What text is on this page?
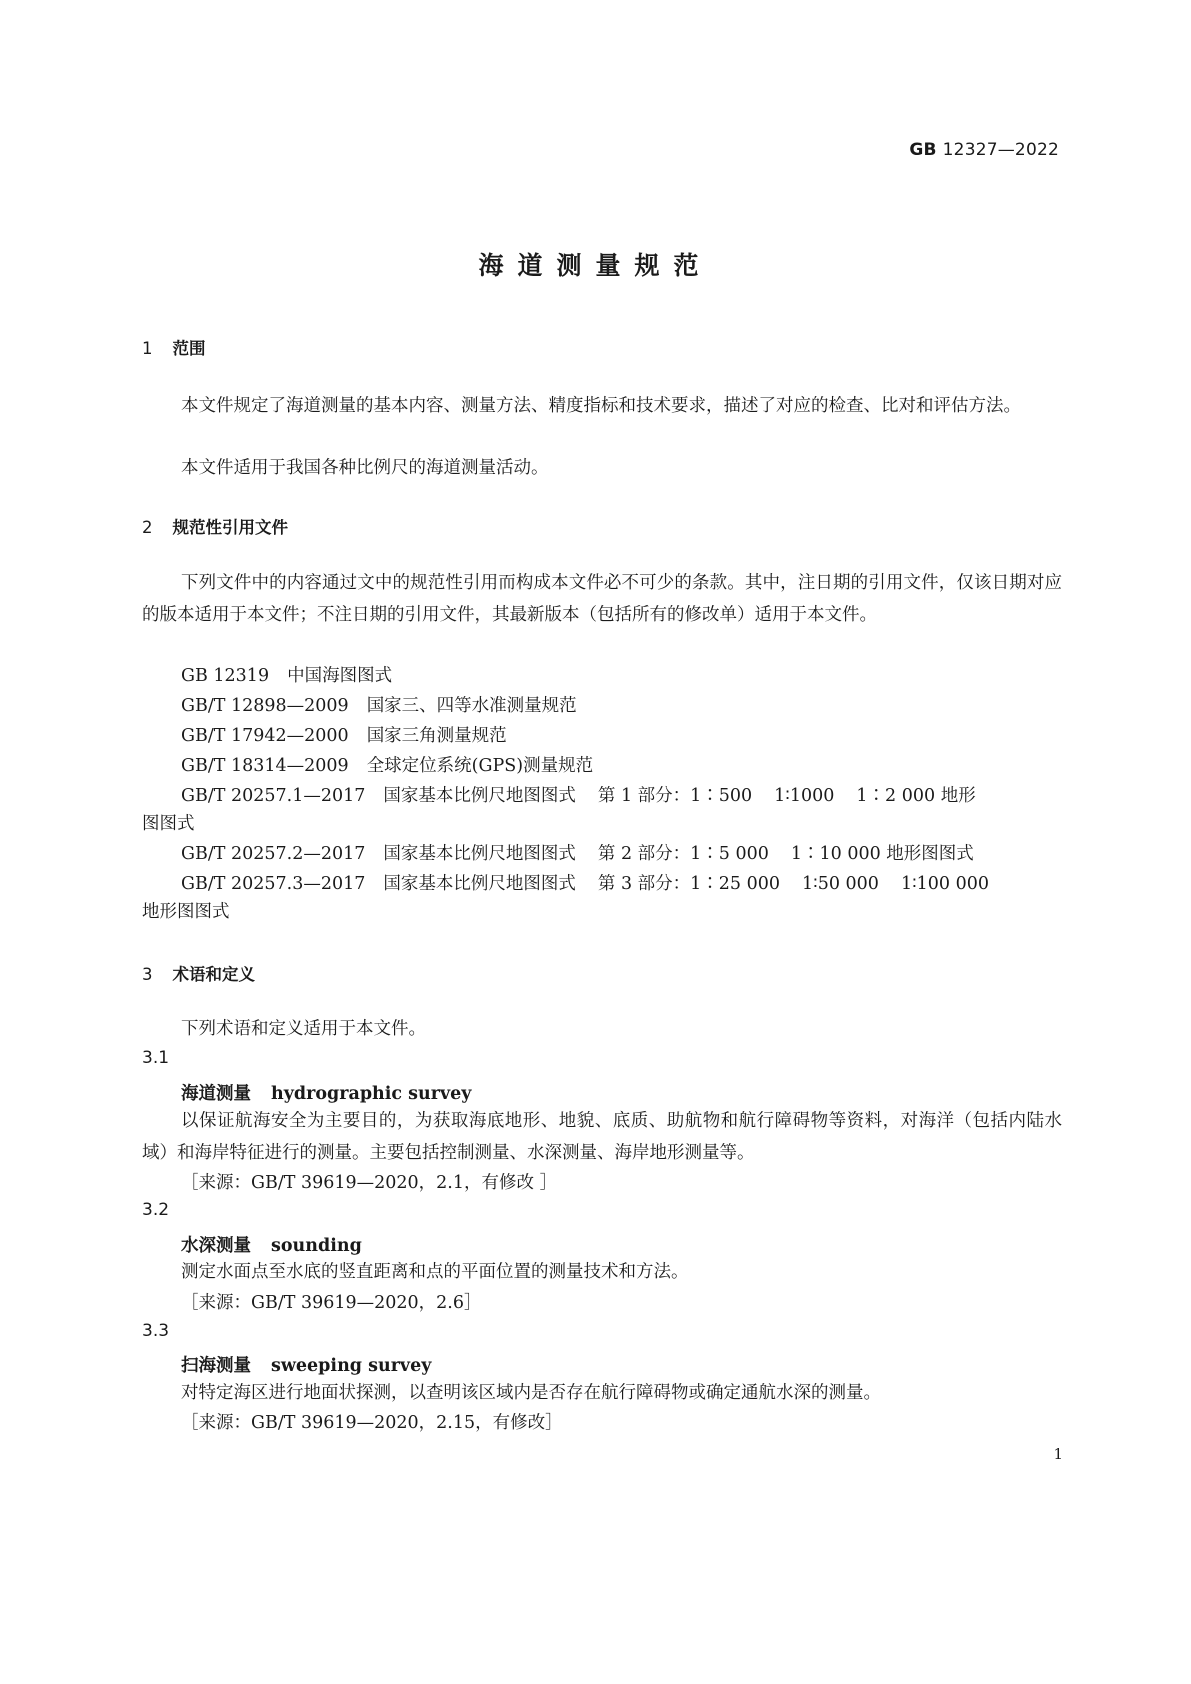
GB 12327—2022
海道测量规范
1 范围
本文件规定了海道测量的基本内容、测量方法、精度指标和技术要求，描述了对应的检查、比对和评估方法。
本文件适用于我国各种比例尺的海道测量活动。
2 规范性引用文件
下列文件中的内容通过文中的规范性引用而构成本文件必不可少的条款。其中，注日期的引用文件，仅该日期对应的版本适用于本文件；不注日期的引用文件，其最新版本（包括所有的修改单）适用于本文件。
GB 12319 中国海图图式
GB/T 12898—2009 国家三、四等水准测量规范
GB/T 17942—2000 国家三角测量规范
GB/T 18314—2009 全球定位系统(GPS)测量规范
GB/T 20257.1—2017 国家基本比例尺地图图式 第 1 部分：1∶500 1∶1000 1∶2 000 地形
图图式
GB/T 20257.2—2017 国家基本比例尺地图图式 第 2 部分：1∶5 000 1∶10 000 地形图图式
GB/T 20257.3—2017 国家基本比例尺地图图式 第 3 部分：1∶25 000 1∶50 000 1∶100 000
地形图图式
3 术语和定义
下列术语和定义适用于本文件。
3.1
海道测量 hydrographic survey
以保证航海安全为主要目的，为获取海底地形、地貌、底质、助航物和航行障碍物等资料，对海洋（包括内陆水域）和海岸特征进行的测量。主要包括控制测量、水深测量、海岸地形测量等。
［来源：GB/T 39619—2020，2.1，有修改 ］
3.2
水深测量 sounding
测定水面点至水底的竖直距离和点的平面位置的测量技术和方法。
［来源：GB/T 39619—2020，2.6］
3.3
扫海测量 sweeping survey
对特定海区进行地面状探测，以查明该区域内是否存在航行障碍物或确定通航水深的测量。
［来源：GB/T 39619—2020，2.15，有修改］
1
